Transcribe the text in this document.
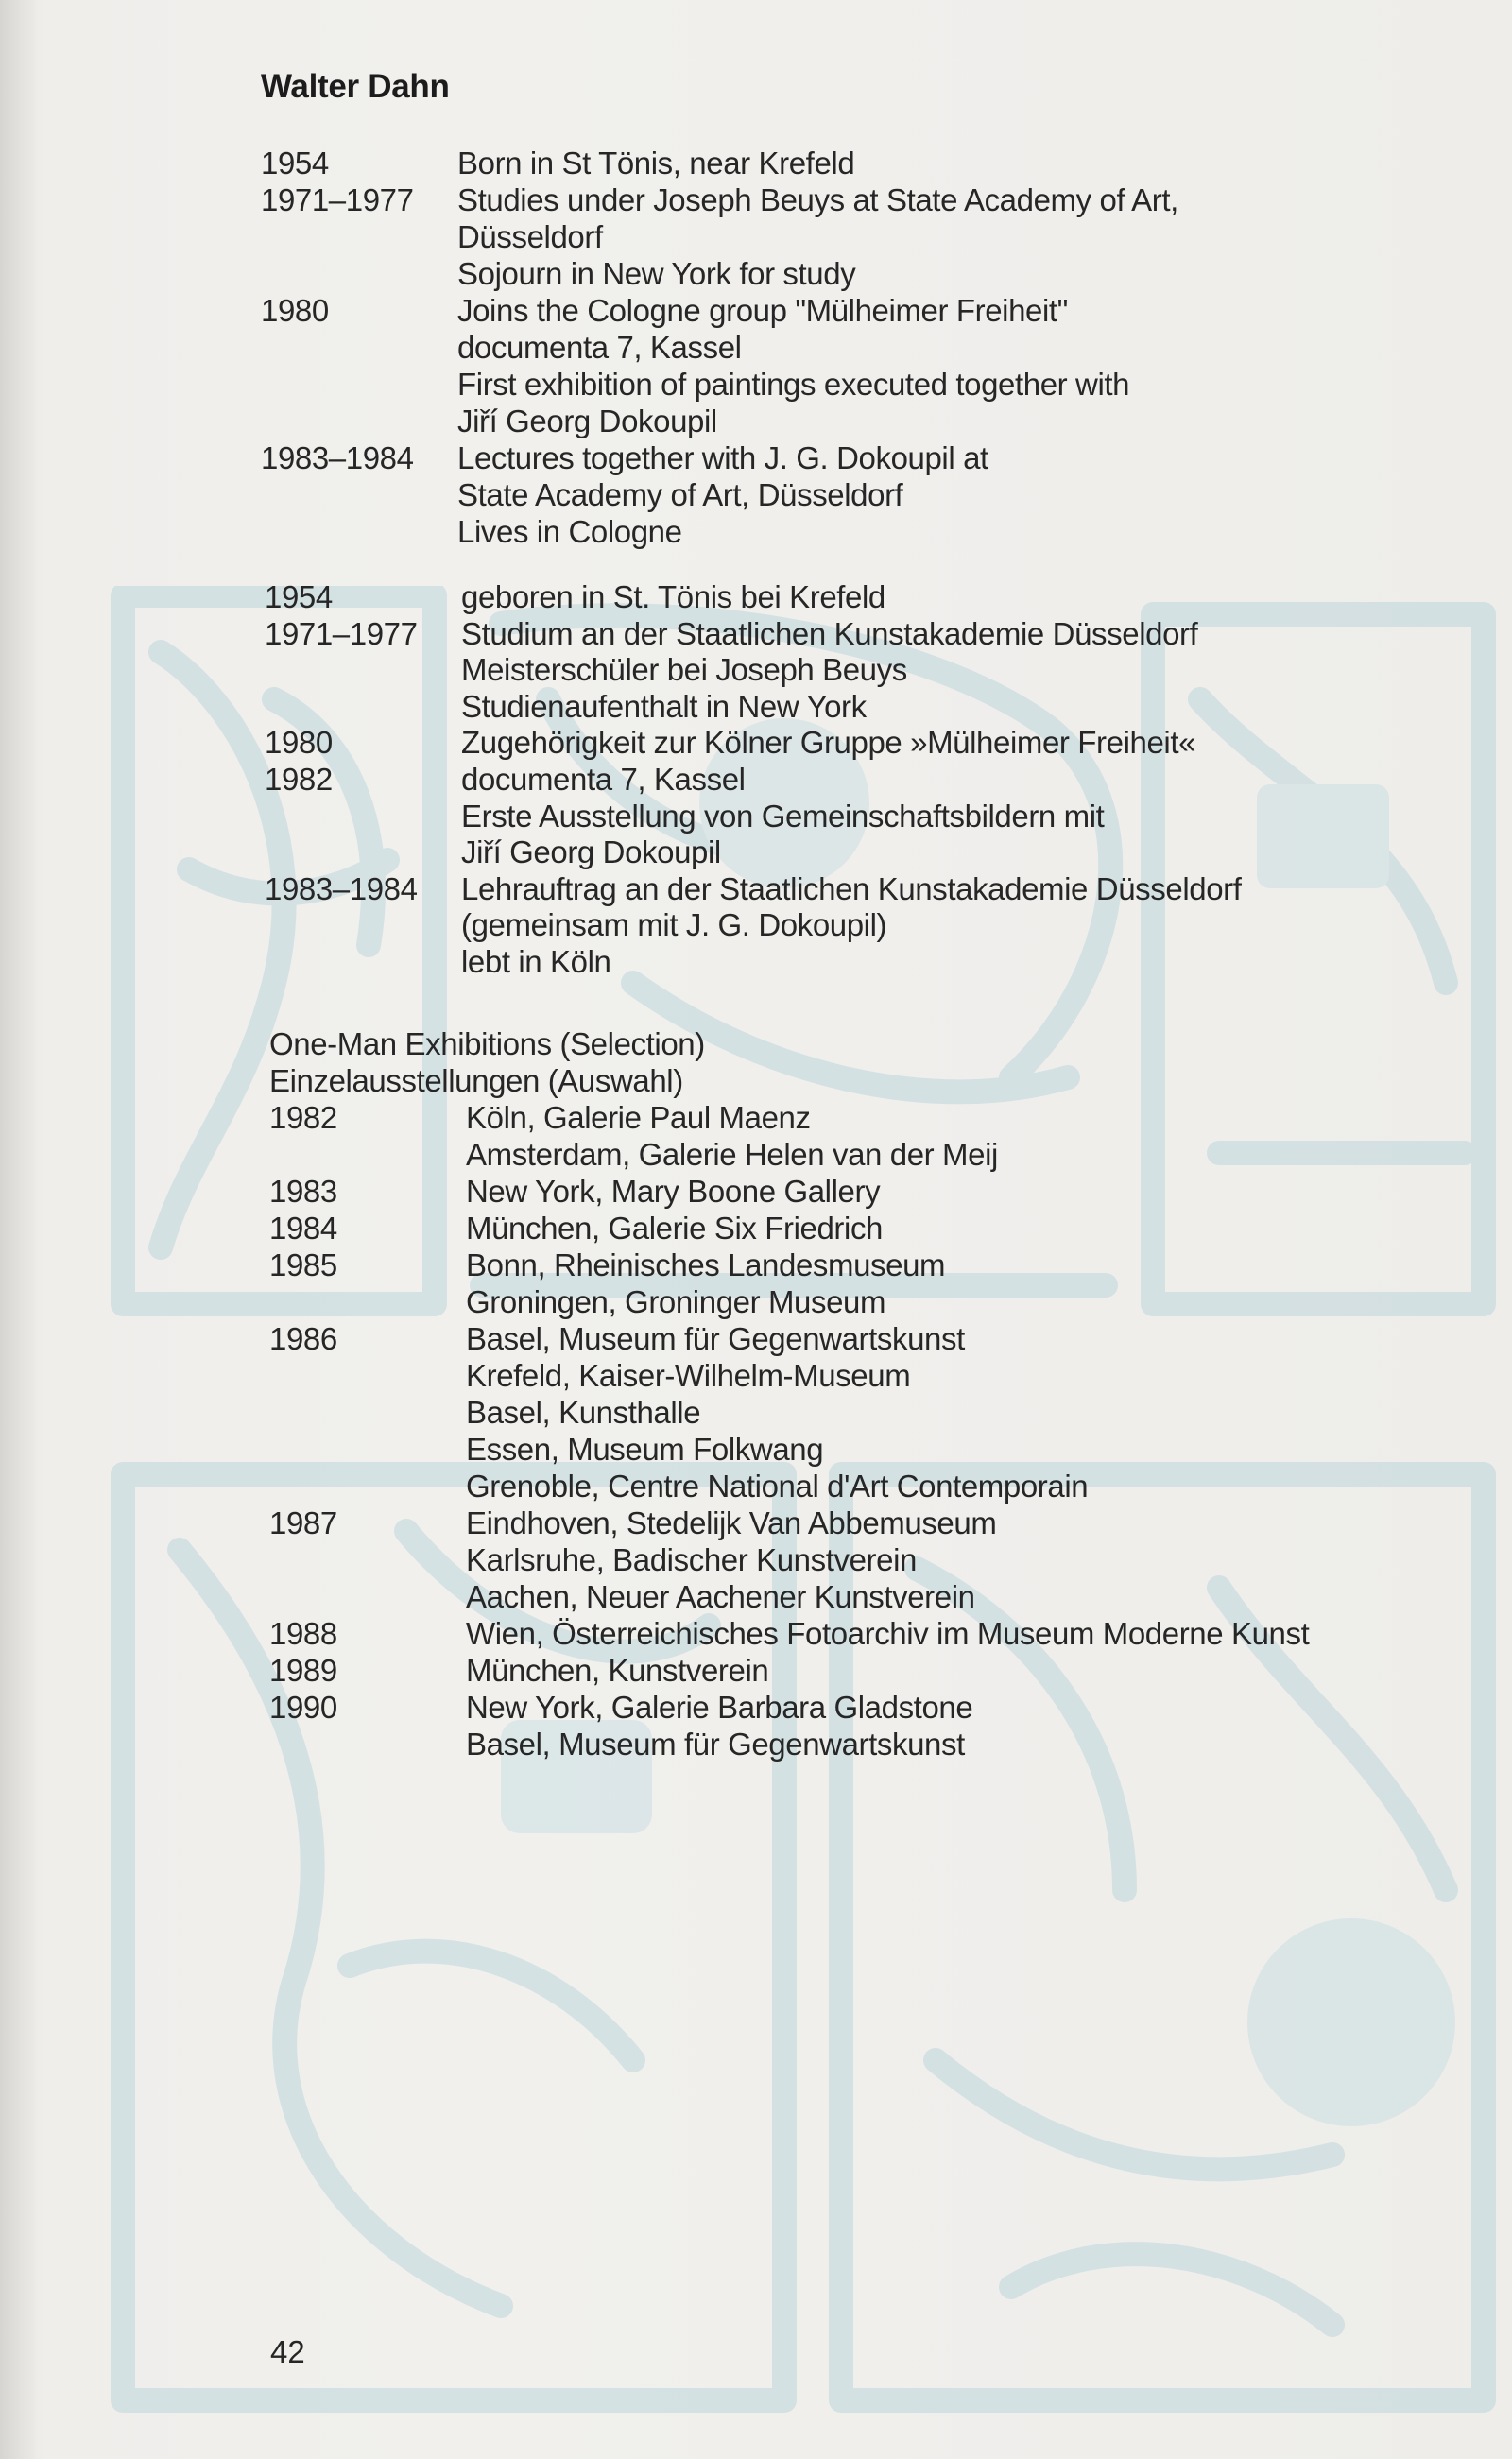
Walter Dahn
1954	Born in St Tönis, near Krefeld
1971–1977 Studies under Joseph Beuys at State Academy of Art,
Düsseldorf
Sojourn in New York for study
1980	Joins the Cologne group "Mülheimer Freiheit"
documenta 7, Kassel
First exhibition of paintings executed together with
Jiří Georg Dokoupil
1983–1984 Lectures together with J. G. Dokoupil at
State Academy of Art, Düsseldorf
Lives in Cologne
1954	geboren in St. Tönis bei Krefeld
1971–1977 Studium an der Staatlichen Kunstakademie Düsseldorf
Meisterschüler bei Joseph Beuys
Studienaufenthalt in New York
1980	Zugehörigkeit zur Kölner Gruppe »Mülheimer Freiheit«
1982	documenta 7, Kassel
Erste Ausstellung von Gemeinschaftsbildern mit
Jiří Georg Dokoupil
1983–1984 Lehrauftrag an der Staatlichen Kunstakademie Düsseldorf
(gemeinsam mit J. G. Dokoupil)
lebt in Köln
One-Man Exhibitions (Selection)
Einzelausstellungen (Auswahl)
1982	Köln, Galerie Paul Maenz
Amsterdam, Galerie Helen van der Meij
1983	New York, Mary Boone Gallery
1984	München, Galerie Six Friedrich
1985	Bonn, Rheinisches Landesmuseum
Groningen, Groninger Museum
1986	Basel, Museum für Gegenwartskunst
Krefeld, Kaiser-Wilhelm-Museum
Basel, Kunsthalle
Essen, Museum Folkwang
Grenoble, Centre National d'Art Contemporain
1987	Eindhoven, Stedelijk Van Abbemuseum
Karlsruhe, Badischer Kunstverein
Aachen, Neuer Aachener Kunstverein
1988	Wien, Österreichisches Fotoarchiv im Museum Moderne Kunst
1989	München, Kunstverein
1990	New York, Galerie Barbara Gladstone
Basel, Museum für Gegenwartskunst
42
